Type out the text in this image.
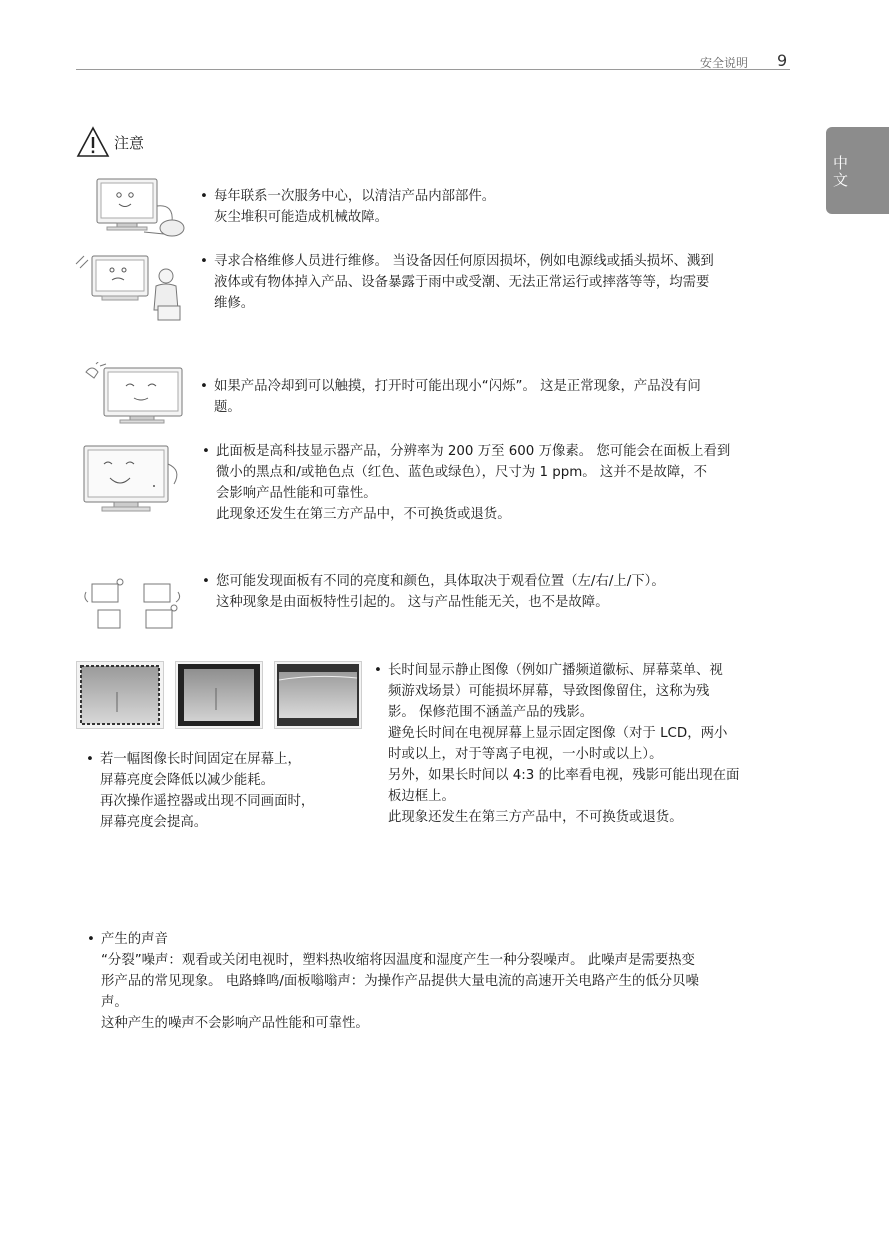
安全说明 9
中文
注意
• 每年联系一次服务中心，以清洁产品内部部件。

灰尘堆积可能造成机械故障。

• 寻求合格维修人员进行维修。 当设备因任何原因损坏，例如电源线或插头损坏、溅到

液体或有物体掉入产品、设备暴露于雨中或受潮、无法正常运行或摔落等等，均需要

维修。

• 如果产品冷却到可以触摸，打开时可能出现小“闪烁”。 这是正常现象，产品没有问

题。

• 此面板是高科技显示器产品，分辨率为 200 万至 600 万像素。 您可能会在面板上看到

微小的黑点和/或艳色点（红色、蓝色或绿色），尺寸为 1 ppm。 这并不是故障，不

会影响产品性能和可靠性。

此现象还发生在第三方产品中，不可换货或退货。

• 您可能发现面板有不同的亮度和颜色，具体取决于观看位置（左/右/上/下）。

这种现象是由面板特性引起的。 这与产品性能无关，也不是故障。

• 长时间显示静止图像（例如广播频道徽标、屏幕菜单、视

频游戏场景）可能损坏屏幕，导致图像留住，这称为残

影。 保修范围不涵盖产品的残影。

避免长时间在电视屏幕上显示固定图像（对于 LCD，两小

时或以上，对于等离子电视，一小时或以上）。

另外，如果长时间以 4:3 的比率看电视，残影可能出现在面

板边框上。

此现象还发生在第三方产品中，不可换货或退货。

• 若一幅图像长时间固定在屏幕上，

屏幕亮度会降低以减少能耗。

再次操作遥控器或出现不同画面时，

屏幕亮度会提高。

• 产生的声音

“分裂”噪声：观看或关闭电视时，塑料热收缩将因温度和湿度产生一种分裂噪声。 此噪声是需要热变

形产品的常见现象。 电路蜂鸣/面板嗡嗡声：为操作产品提供大量电流的高速开关电路产生的低分贝噪

声。

这种产生的噪声不会影响产品性能和可靠性。
